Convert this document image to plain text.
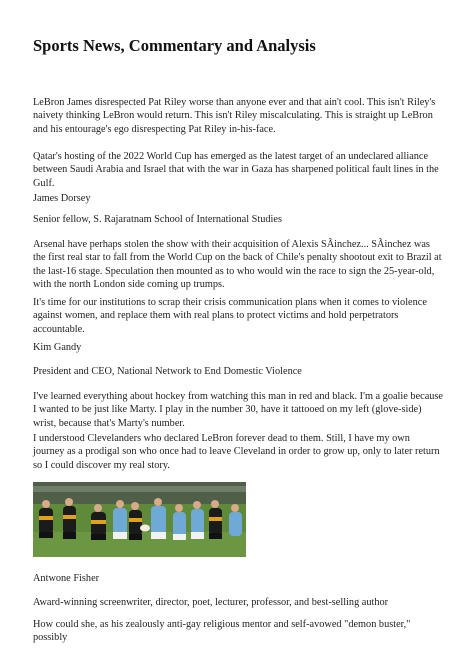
Sports News, Commentary and Analysis

LeBron James disrespected Pat Riley worse than anyone ever and that ain't cool. This isn't Riley's naivety thinking LeBron would return. This isn't Riley miscalculating. This is straight up LeBron and his entourage's ego disrespecting Pat Riley in-his-face.

Qatar's hosting of the 2022 World Cup has emerged as the latest target of an undeclared alliance between Saudi Arabia and Israel that with the war in Gaza has sharpened political fault lines in the Gulf.

James Dorsey

Senior fellow, S. Rajaratnam School of International Studies

Arsenal have perhaps stolen the show with their acquisition of Alexis SÃinchez... SÃinchez was the first real star to fall from the World Cup on the back of Chile's penalty shootout exit to Brazil at the last-16 stage. Speculation then mounted as to who would win the race to sign the 25-year-old, with the north London side coming up trumps.

It's time for our institutions to scrap their crisis communication plans when it comes to violence against women, and replace them with real plans to protect victims and hold perpetrators accountable.

Kim Gandy

President and CEO, National Network to End Domestic Violence

I've learned everything about hockey from watching this man in red and black. I'm a goalie because I wanted to be just like Marty. I play in the number 30, have it tattooed on my left (glove-side) wrist, because that's Marty's number.

I understood Clevelanders who declared LeBron forever dead to them. Still, I have my own journey as a prodigal son who once had to leave Cleveland in order to grow up, only to later return so I could discover my real story.

Antwone Fisher

Award-winning screenwriter, director, poet, lecturer, professor, and best-selling author

How could she, as his zealously anti-gay religious mentor and self-avowed "demon buster," possibly
